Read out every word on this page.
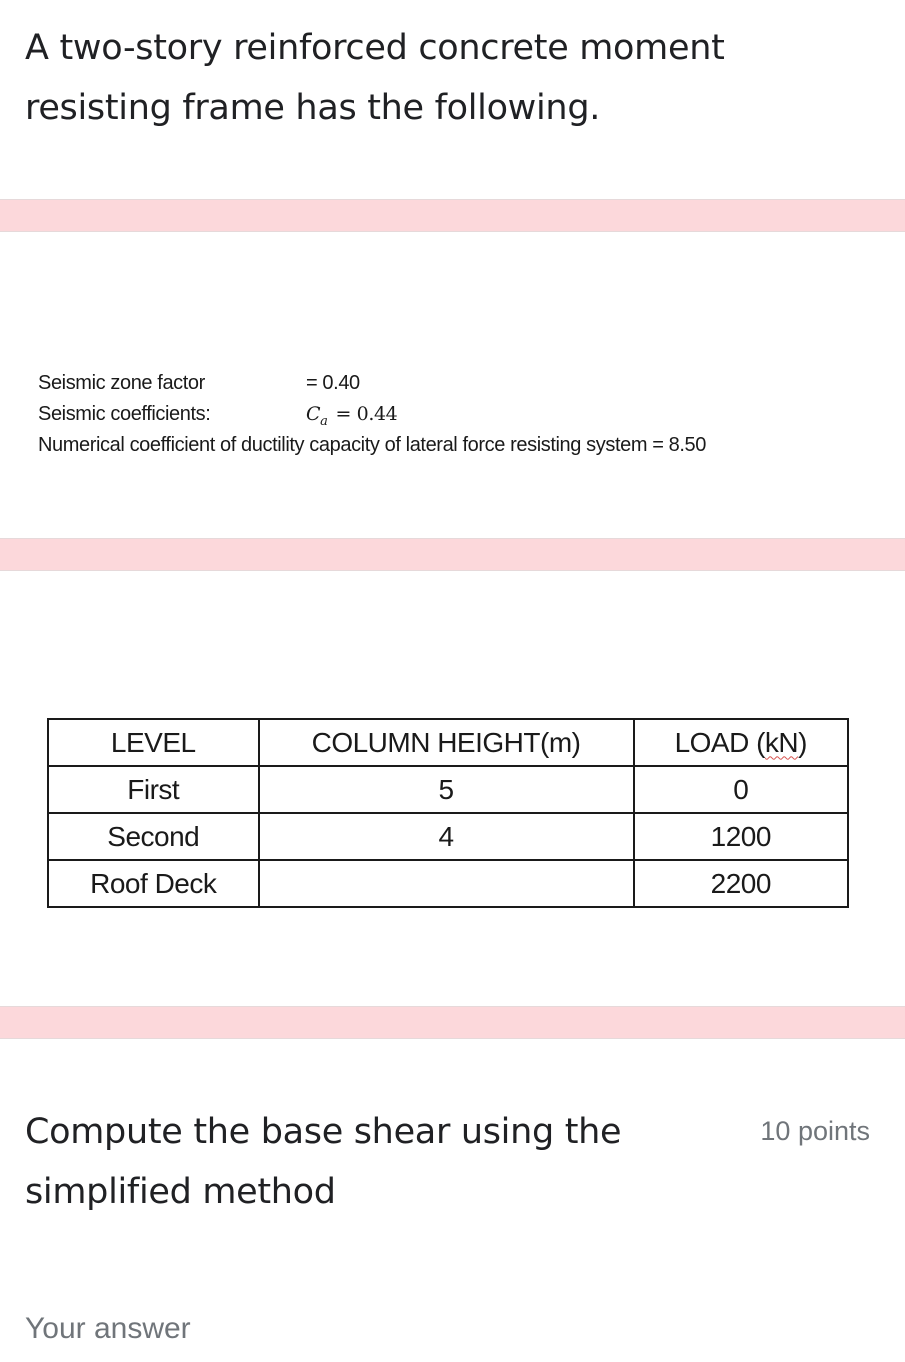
A two-story reinforced concrete moment resisting frame has the following.
Seismic zone factor	= 0.40
Seismic coefficients:	$C_a = 0.44$
Numerical coefficient of ductility capacity of lateral force resisting system = 8.50
LEVEL	COLUMN HEIGHT(m)	LOAD (kN)
First	5	0
Second	4	1200
Roof Deck		2200
Compute the base shear using the simplified method
10 points
Your answer
